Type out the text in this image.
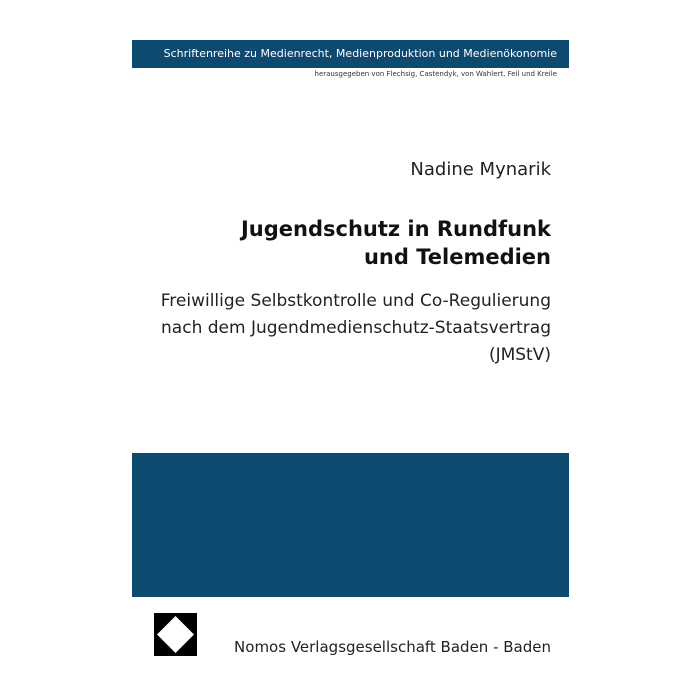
Schriftenreihe zu Medienrecht, Medienproduktion und Medienökonomie
herausgegeben von Flechsig, Castendyk, von Wahlert, Feil und Kreile
Nadine Mynarik
Jugendschutz in Rundfunk
und Telemedien
Freiwillige Selbstkontrolle und Co-Regulierung
nach dem Jugendmedienschutz-Staatsvertrag
(JMStV)
Nomos Verlagsgesellschaft Baden - Baden
